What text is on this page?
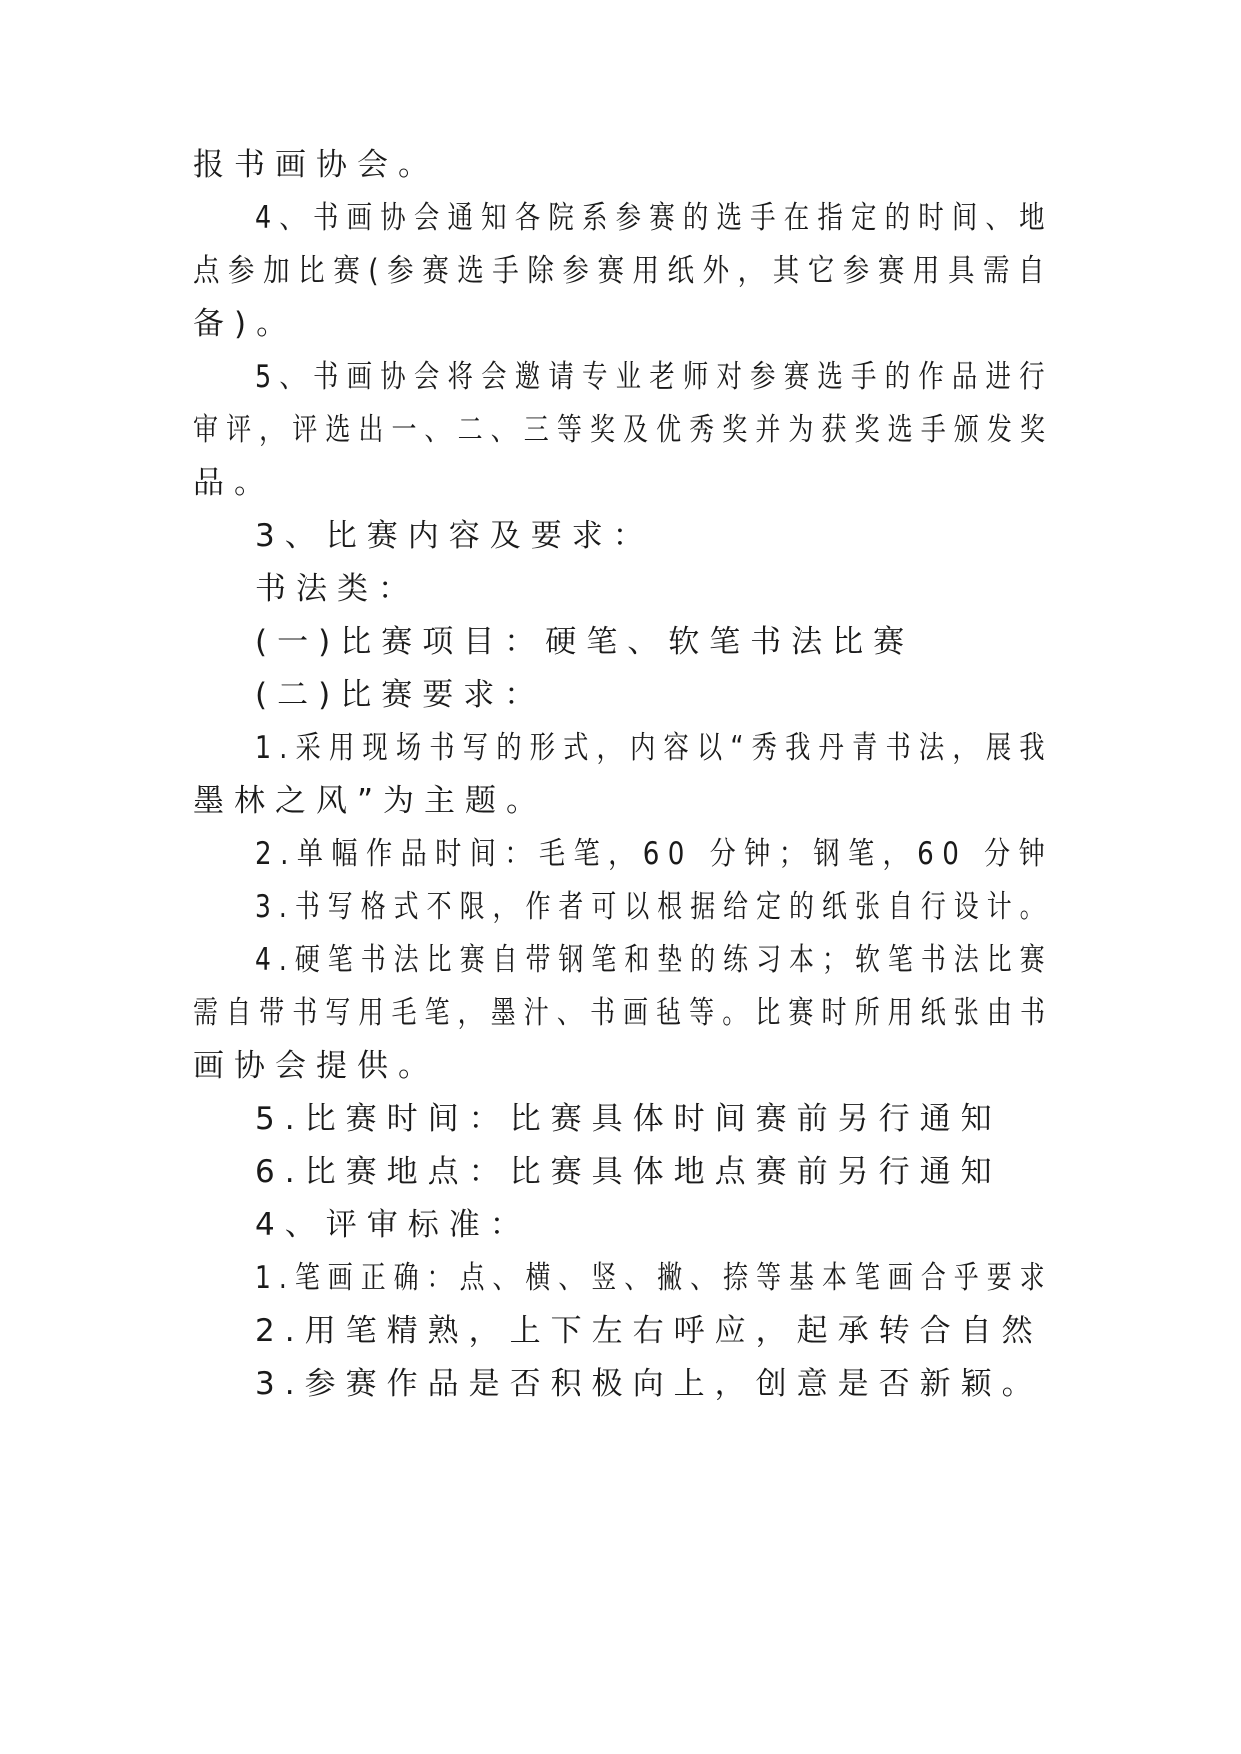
报书画协会。
4、书画协会通知各院系参赛的选手在指定的时间、地
点参加比赛(参赛选手除参赛用纸外，其它参赛用具需自
备)。
5、书画协会将会邀请专业老师对参赛选手的作品进行
审评，评选出一、二、三等奖及优秀奖并为获奖选手颁发奖
品。
3、比赛内容及要求：
书法类：
(一)比赛项目：硬笔、软笔书法比赛
(二)比赛要求：
1.采用现场书写的形式，内容以“秀我丹青书法，展我
墨林之风”为主题。
2.单幅作品时间：毛笔，60 分钟；钢笔，60 分钟
3.书写格式不限，作者可以根据给定的纸张自行设计。
4.硬笔书法比赛自带钢笔和垫的练习本；软笔书法比赛
需自带书写用毛笔，墨汁、书画毡等。比赛时所用纸张由书
画协会提供。
5.比赛时间：比赛具体时间赛前另行通知
6.比赛地点：比赛具体地点赛前另行通知
4、评审标准：
1.笔画正确：点、横、竖、撇、捺等基本笔画合乎要求
2.用笔精熟，上下左右呼应，起承转合自然
3.参赛作品是否积极向上，创意是否新颖。
